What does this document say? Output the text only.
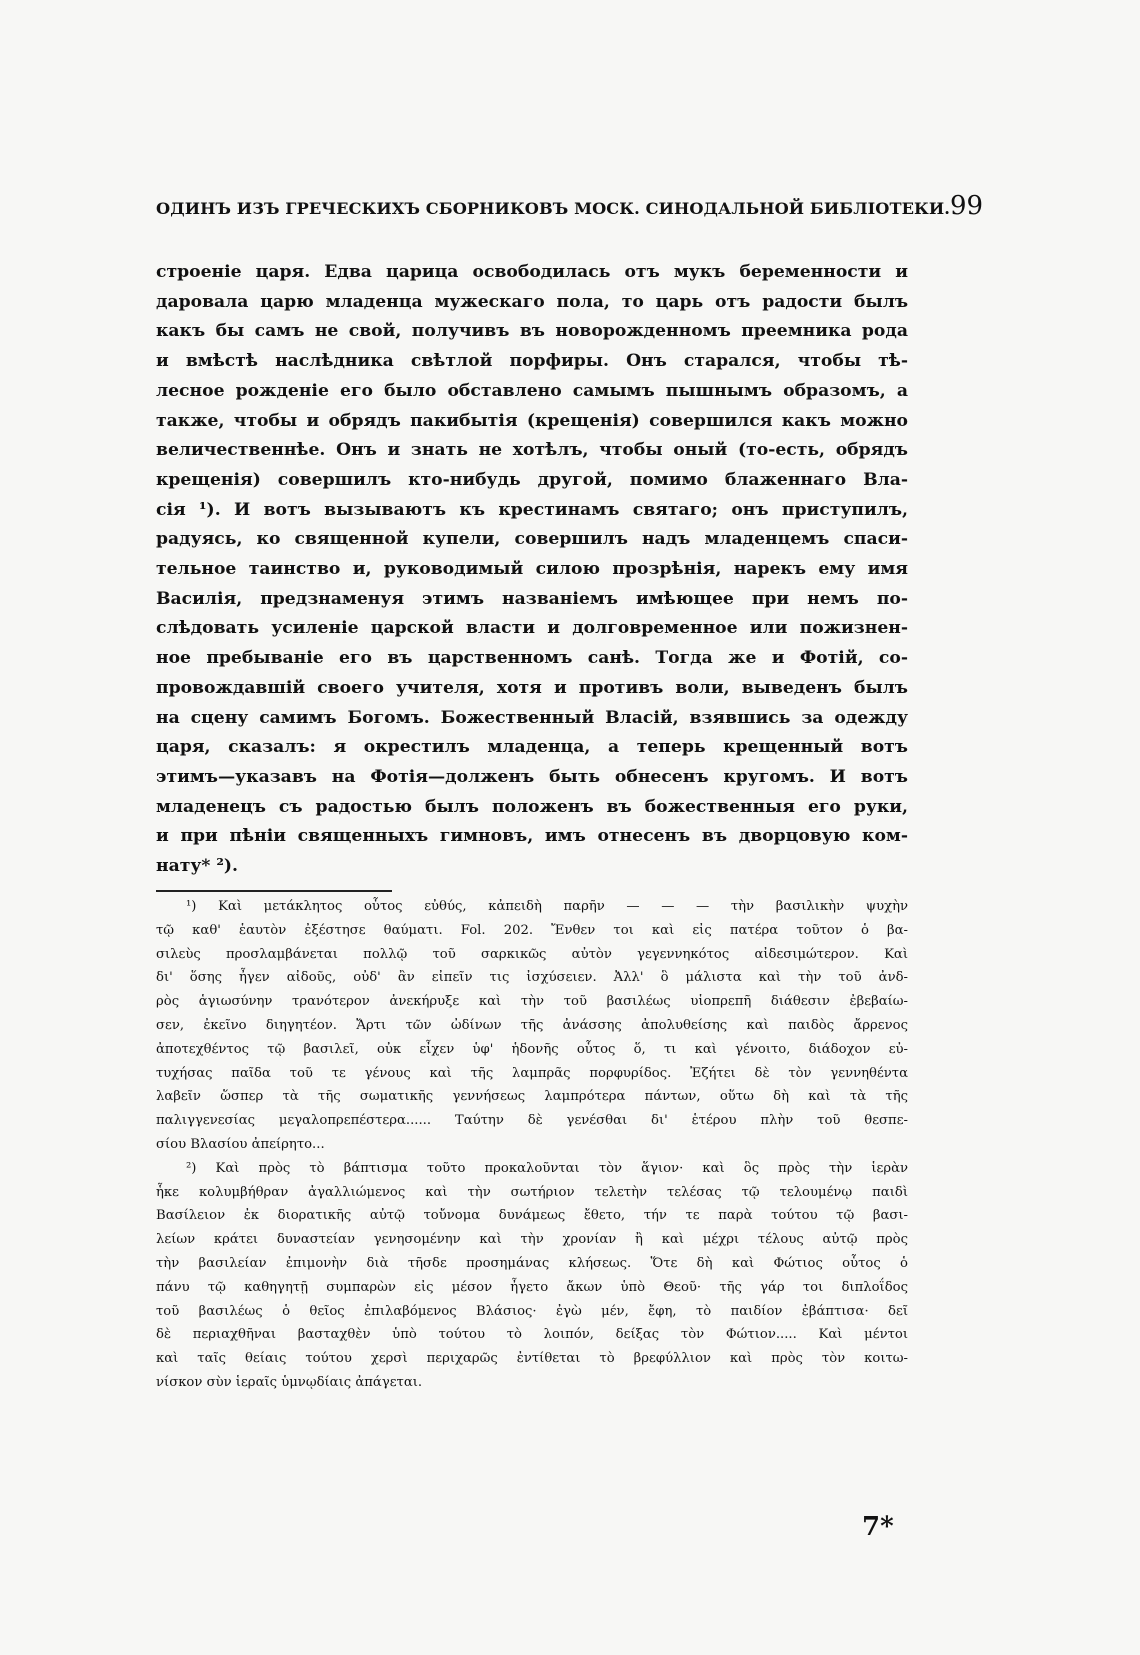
ОДИНЪ ИЗЪ ГРЕЧЕСКИХЪ СБОРНИКОВЪ МОСК. СИНОДАЛЬНОЙ БИБЛІОТЕКИ. 99
строеніе царя. Едва царица освободилась отъ мукъ беременности и
даровала царю младенца мужескаго пола, то царь отъ радости былъ
какъ бы самъ не свой, получивъ въ новорожденномъ преемника рода
и вмѣстѣ наслѣдника свѣтлой порфиры. Онъ старался, чтобы тѣ-
лесное рожденіе его было обставлено самымъ пышнымъ образомъ, а
также, чтобы и обрядъ пакибытія (крещенія) совершился какъ можно
величественнѣе. Онъ и знать не хотѣлъ, чтобы оный (то-есть, обрядъ
крещенія) совершилъ кто-нибудь другой, помимо блаженнаго Вла-
сія ¹). И вотъ вызываютъ къ крестинамъ святаго; онъ приступилъ,
радуясь, ко священной купели, совершилъ надъ младенцемъ спаси-
тельное таинство и, руководимый силою прозрѣнія, нарекъ ему имя
Василія, предзнаменуя этимъ названіемъ имѣющее при немъ по-
слѣдовать усиленіе царской власти и долговременное или пожизнен-
ное пребываніе его въ царственномъ санѣ. Тогда же и Фотій, со-
провождавшій своего учителя, хотя и противъ воли, выведенъ былъ
на сцену самимъ Богомъ. Божественный Власій, взявшись за одежду
царя, сказалъ: я окрестилъ младенца, а теперь крещенный вотъ
этимъ—указавъ на Фотія—долженъ быть обнесенъ кругомъ. И вотъ
младенецъ съ радостью былъ положенъ въ божественныя его руки,
и при пѣніи священныхъ гимновъ, имъ отнесенъ въ дворцовую ком-
нату* ²).
¹) Καὶ μετάκλητος οὗτος εὐθύς, κἀπειδὴ παρῆν — — — τὴν βασιλικὴν ψυχὴν
τῷ καθ' ἑαυτὸν ἐξέστησε θαύματι. Fol. 202. Ἔνθεν τοι καὶ εἰς πατέρα τοῦτον ὁ βα-
σιλεὺς προσλαμβάνεται πολλῷ τοῦ σαρκικῶς αὐτὸν γεγεννηκότος αἰδεσιμώτερον. Καὶ
δι' ὅσης ἦγεν αἰδοῦς, οὐδ' ἂν εἰπεῖν τις ἰσχύσειεν. Ἀλλ' ὃ μάλιστα καὶ τὴν τοῦ ἀνδ-
ρὸς ἁγιωσύνην τρανότερον ἀνεκήρυξε καὶ τὴν τοῦ βασιλέως υἱοπρεπῆ διάθεσιν ἐβεβαίω-
σεν, ἐκεῖνο διηγητέον. Ἄρτι τῶν ὠδίνων τῆς ἀνάσσης ἀπολυθείσης καὶ παιδὸς ἄρρενος
ἀποτεχθέντος τῷ βασιλεῖ, οὐκ εἶχεν ὑφ' ἡδονῆς οὗτος ὅ, τι καὶ γένοιτο, διάδοχον εὐ-
τυχήσας παῖδα τοῦ τε γένους καὶ τῆς λαμπρᾶς πορφυρίδος. Ἐζήτει δὲ τὸν γεννηθέντα
λαβεῖν ὥσπερ τὰ τῆς σωματικῆς γεννήσεως λαμπρότερα πάντων, οὕτω δὴ καὶ τὰ τῆς
παλιγγενεσίας μεγαλοπρεπέστερα...... Ταύτην δὲ γενέσθαι δι' ἑτέρου πλὴν τοῦ θεσπε-
σίου Βλασίου ἀπείρητο...
²) Καὶ πρὸς τὸ βάπτισμα τοῦτο προκαλοῦνται τὸν ἅγιον· καὶ ὃς πρὸς τὴν ἱερὰν
ἧκε κολυμβήθραν ἀγαλλιώμενος καὶ τὴν σωτήριον τελετὴν τελέσας τῷ τελουμένῳ παιδὶ
Βασίλειον ἐκ διορατικῆς αὐτῷ τοὔνομα δυνάμεως ἔθετο, τήν τε παρὰ τούτου τῷ βασι-
λείων κράτει δυναστείαν γενησομένην καὶ τὴν χρονίαν ἢ καὶ μέχρι τέλους αὐτῷ πρὸς
τὴν βασιλείαν ἐπιμονὴν διὰ τῆσδε προσημάνας κλήσεως. Ὅτε δὴ καὶ Φώτιος οὗτος ὁ
πάνυ τῷ καθηγητῇ συμπαρὼν εἰς μέσον ἦγετο ἄκων ὑπὸ Θεοῦ· τῆς γάρ τοι διπλοΐδος
τοῦ βασιλέως ὁ θεῖος ἐπιλαβόμενος Βλάσιος· ἐγὼ μέν, ἔφη, τὸ παιδίον ἐβάπτισα· δεῖ
δὲ περιαχθῆναι βασταχθὲν ὑπὸ τούτου τὸ λοιπόν, δείξας τὸν Φώτιον..... Καὶ μέντοι
καὶ ταῖς θείαις τούτου χερσὶ περιχαρῶς ἐντίθεται τὸ βρεφύλλιον καὶ πρὸς τὸν κοιτω-
νίσκον σὺν ἱεραῖς ὑμνῳδίαις ἀπάγεται.
7*
